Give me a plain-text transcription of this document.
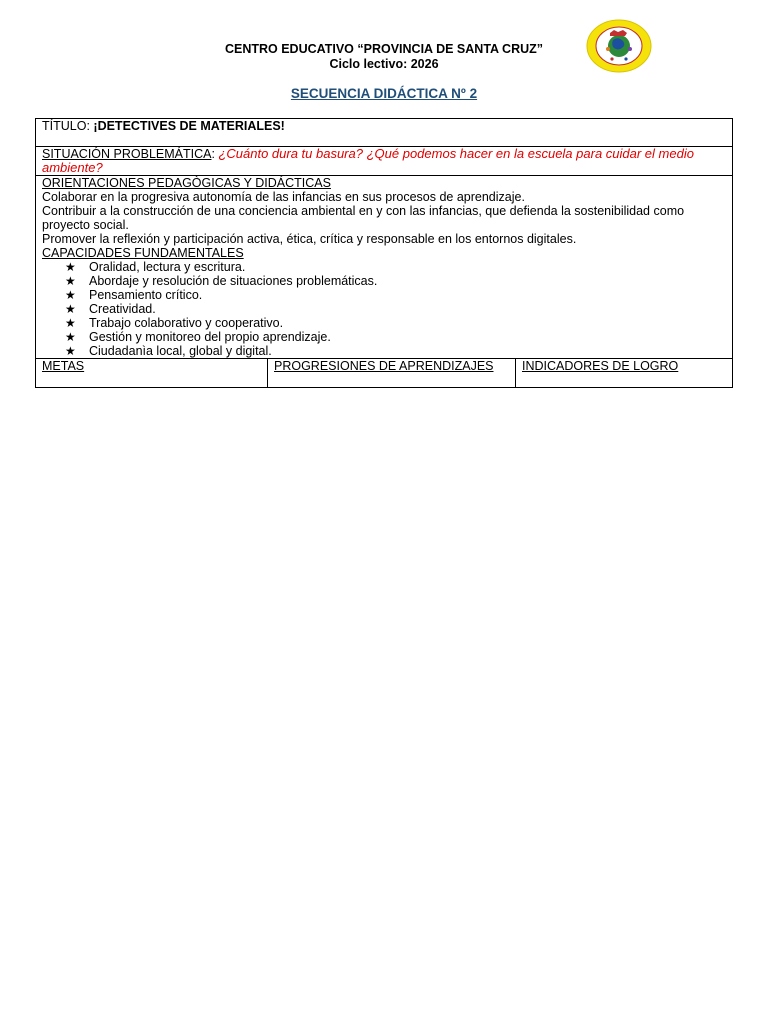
CENTRO EDUCATIVO “PROVINCIA DE SANTA CRUZ”
Ciclo lectivo: 2026
SECUENCIA DIDÁCTICA Nº 2
TÍTULO: ¡DETECTIVES DE MATERIALES!
SITUACIÓN PROBLEMÁTICA: ¿Cuánto dura tu basura? ¿Qué podemos hacer en la escuela para cuidar el medio ambiente?

ORIENTACIONES PEDAGÒGICAS Y DIDÁCTICAS
Colaborar en la progresiva autonomía de las infancias en sus procesos de aprendizaje.
Contribuir a la construcción de una conciencia ambiental en y con las infancias, que defienda la sostenibilidad como proyecto social.
Promover la reflexión y participación activa, ética, crítica y responsable en los entornos digitales.
CAPACIDADES FUNDAMENTALES
★ Oralidad, lectura y escritura.
★ Abordaje y resolución de situaciones problemáticas.
★ Pensamiento crítico.
★ Creatividad.
★ Trabajo colaborativo y cooperativo.
★ Gestión y monitoreo del propio aprendizaje.
★ Ciudadanìa local, global y digital.

METAS	PROGRESIONES DE APRENDIZAJES	INDICADORES DE LOGRO
